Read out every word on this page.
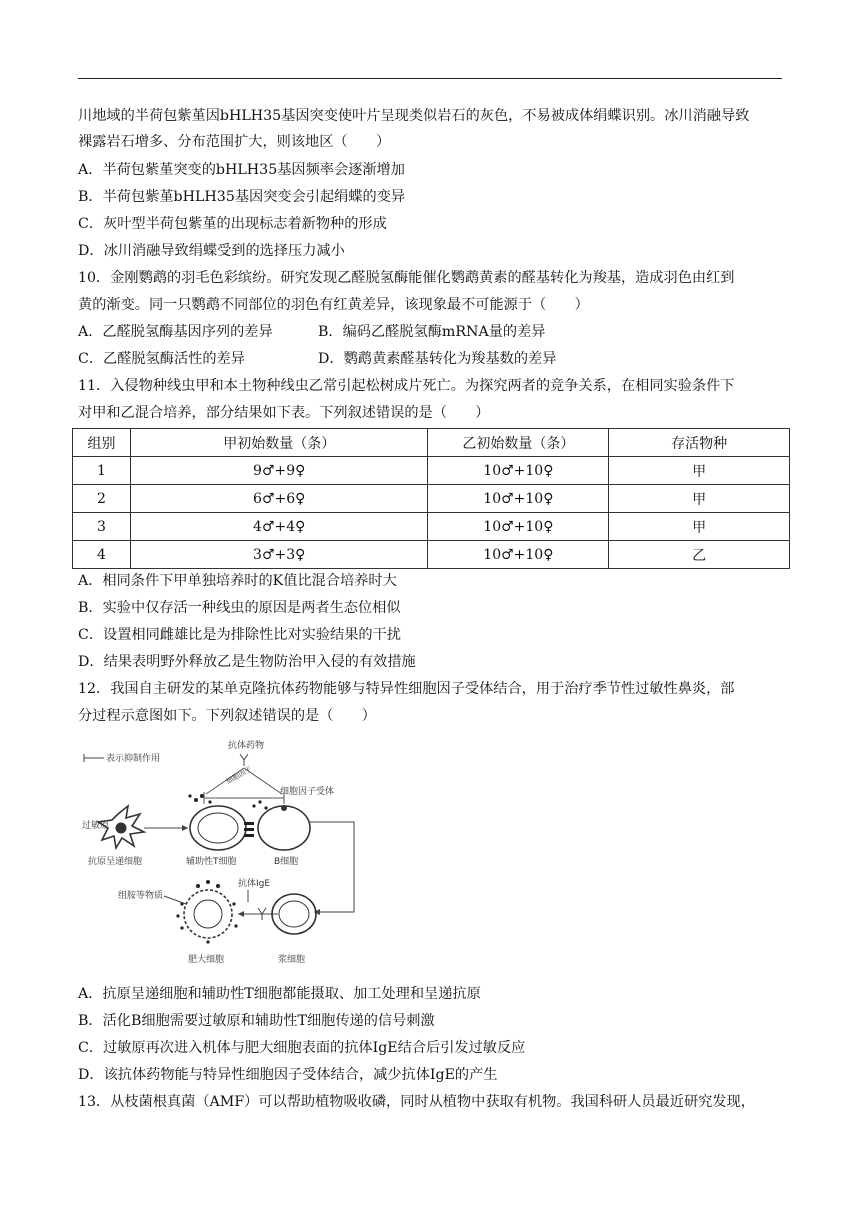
川地域的半荷包紫堇因bHLH35基因突变使叶片呈现类似岩石的灰色，不易被成体绢蝶识别。冰川消融导致
裸露岩石增多、分布范围扩大，则该地区（　　）
A．半荷包紫堇突变的bHLH35基因频率会逐渐增加
B．半荷包紫堇bHLH35基因突变会引起绢蝶的变异
C．灰叶型半荷包紫堇的出现标志着新物种的形成
D．冰川消融导致绢蝶受到的选择压力减小
10．金刚鹦鹉的羽毛色彩缤纷。研究发现乙醛脱氢酶能催化鹦鹉黄素的醛基转化为羧基，造成羽色由红到
黄的渐变。同一只鹦鹉不同部位的羽色有红黄差异，该现象最不可能源于（　　）
A．乙醛脱氢酶基因序列的差异	B．编码乙醛脱氢酶mRNA量的差异
C．乙醛脱氢酶活性的差异	D．鹦鹉黄素醛基转化为羧基数的差异
11．入侵物种线虫甲和本土物种线虫乙常引起松树成片死亡。为探究两者的竞争关系，在相同实验条件下
对甲和乙混合培养，部分结果如下表。下列叙述错误的是（　　）
组别	甲初始数量（条）	乙初始数量（条）	存活物种
1	9♂+9♀	10♂+10♀	甲
2	6♂+6♀	10♂+10♀	甲
3	4♂+4♀	10♂+10♀	甲
4	3♂+3♀	10♂+10♀	乙
A．相同条件下甲单独培养时的K值比混合培养时大
B．实验中仅存活一种线虫的原因是两者生态位相似
C．设置相同雌雄比是为排除性比对实验结果的干扰
D．结果表明野外释放乙是生物防治甲入侵的有效措施
12．我国自主研发的某单克隆抗体药物能够与特异性细胞因子受体结合，用于治疗季节性过敏性鼻炎，部
分过程示意图如下。下列叙述错误的是（　　）
表示抑制作用
抗体药物
细胞因子
细胞因子受体
过敏原
抗原呈递细胞	辅助性T细胞	B细胞
组胺等物质
抗体IgE
肥大细胞	浆细胞
A．抗原呈递细胞和辅助性T细胞都能摄取、加工处理和呈递抗原
B．活化B细胞需要过敏原和辅助性T细胞传递的信号刺激
C．过敏原再次进入机体与肥大细胞表面的抗体IgE结合后引发过敏反应
D．该抗体药物能与特异性细胞因子受体结合，减少抗体IgE的产生
13．从枝菌根真菌（AMF）可以帮助植物吸收磷，同时从植物中获取有机物。我国科研人员最近研究发现，
